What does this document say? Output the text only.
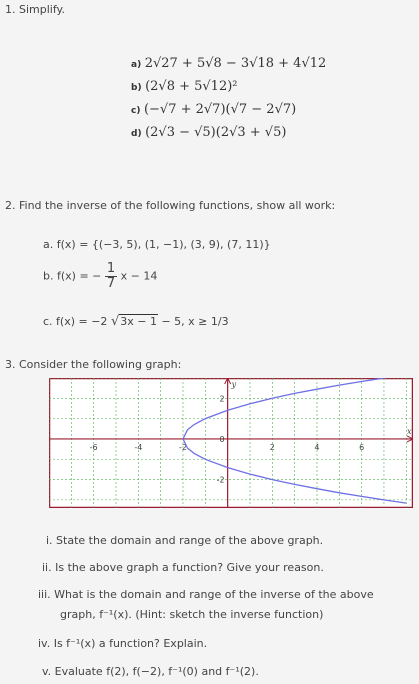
1. Simplify.
a) 2√27 + 5√8 − 3√18 + 4√12
b) (2√8 + 5√12)²
c) (−√7 + 2√7)(√7 − 2√7)
d) (2√3 − √5)(2√3 + √5)
2. Find the inverse of the following functions, show all work:
a. f(x) = {(−3, 5), (1, −1), (3, 9), (7, 11)}
b. f(x) = − $\frac{1}{7}$ x − 14
c. f(x) = −2 √3x − 1 − 5, x ≥ 1/3
3. Consider the following graph:
-6	-4	-2	2	4	6
2
0
-2
x
y
i. State the domain and range of the above graph.
ii. Is the above graph a function? Give your reason.
iii. What is the domain and range of the inverse of the above
graph, f⁻¹(x). (Hint: sketch the inverse function)
iv. Is f⁻¹(x) a function? Explain.
v. Evaluate f(2), f(−2), f⁻¹(0) and f⁻¹(2).
